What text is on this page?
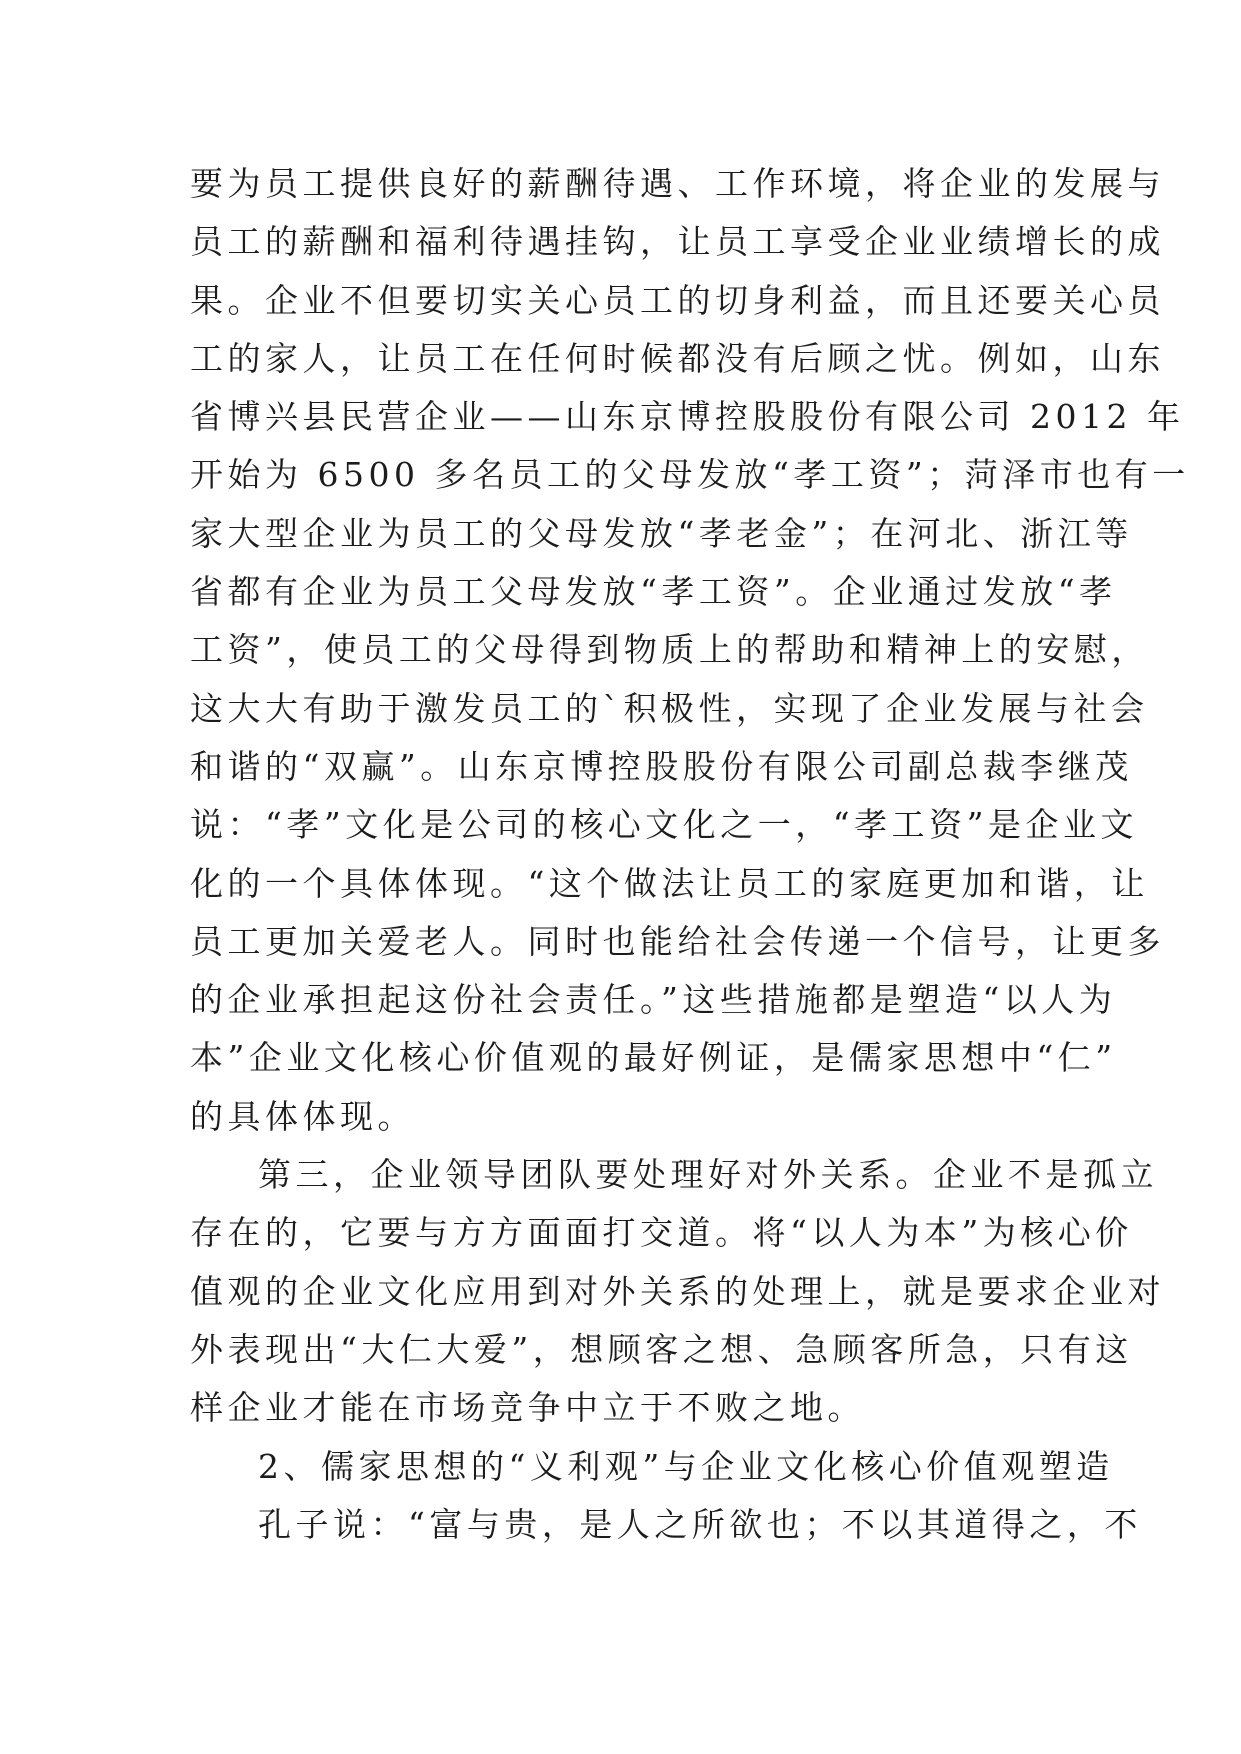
要为员工提供良好的薪酬待遇、工作环境，将企业的发展与
员工的薪酬和福利待遇挂钩，让员工享受企业业绩增长的成
果。企业不但要切实关心员工的切身利益，而且还要关心员
工的家人，让员工在任何时候都没有后顾之忧。例如，山东
省博兴县民营企业——山东京博控股股份有限公司 2012 年
开始为 6500 多名员工的父母发放“孝工资”；菏泽市也有一
家大型企业为员工的父母发放“孝老金”；在河北、浙江等
省都有企业为员工父母发放“孝工资”。企业通过发放“孝
工资”，使员工的父母得到物质上的帮助和精神上的安慰，
这大大有助于激发员工的`积极性，实现了企业发展与社会
和谐的“双赢”。山东京博控股股份有限公司副总裁李继茂
说：“孝”文化是公司的核心文化之一，“孝工资”是企业文
化的一个具体体现。“这个做法让员工的家庭更加和谐，让
员工更加关爱老人。同时也能给社会传递一个信号，让更多
的企业承担起这份社会责任。”这些措施都是塑造“以人为
本”企业文化核心价值观的最好例证，是儒家思想中“仁”
的具体体现。
第三，企业领导团队要处理好对外关系。企业不是孤立
存在的，它要与方方面面打交道。将“以人为本”为核心价
值观的企业文化应用到对外关系的处理上，就是要求企业对
外表现出“大仁大爱”，想顾客之想、急顾客所急，只有这
样企业才能在市场竞争中立于不败之地。
2、儒家思想的“义利观”与企业文化核心价值观塑造
孔子说：“富与贵，是人之所欲也；不以其道得之，不
